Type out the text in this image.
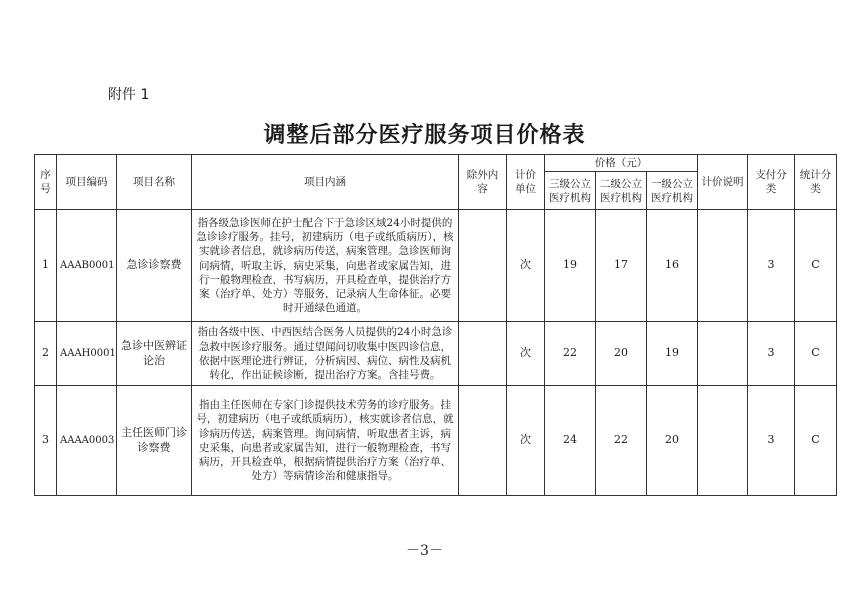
附件 1
调整后部分医疗服务项目价格表
序号	项目编码	项目名称	项目内涵	除外内容	计价单位	价格（元）			计价说明	支付分类	统计分类
						三级公立医疗机构	二级公立医疗机构	一级公立医疗机构			
1	AAAB0001	急诊诊察费	指各级急诊医师在护士配合下于急诊区域24小时提供的急诊诊疗服务。挂号，初建病历（电子或纸质病历），核实就诊者信息，就诊病历传送，病案管理。急诊医师询问病情，听取主诉，病史采集，向患者或家属告知，进行一般物理检查，书写病历，开具检查单，提供治疗方案（治疗单、处方）等服务，记录病人生命体征。必要时开通绿色通道。		次	19	17	16		3	C
2	AAAH0001	急诊中医辨证论治	指由各级中医、中西医结合医务人员提供的24小时急诊急救中医诊疗服务。通过望闻问切收集中医四诊信息，依据中医理论进行辨证，分析病因、病位、病性及病机转化，作出证候诊断，提出治疗方案。含挂号费。		次	22	20	19		3	C
3	AAAA0003	主任医师门诊诊察费	指由主任医师在专家门诊提供技术劳务的诊疗服务。挂号，初建病历（电子或纸质病历），核实就诊者信息，就诊病历传送，病案管理。询问病情，听取患者主诉，病史采集，向患者或家属告知，进行一般物理检查，书写病历，开具检查单，根据病情提供治疗方案（治疗单、处方）等病情诊治和健康指导。		次	24	22	20		3	C
－3－
